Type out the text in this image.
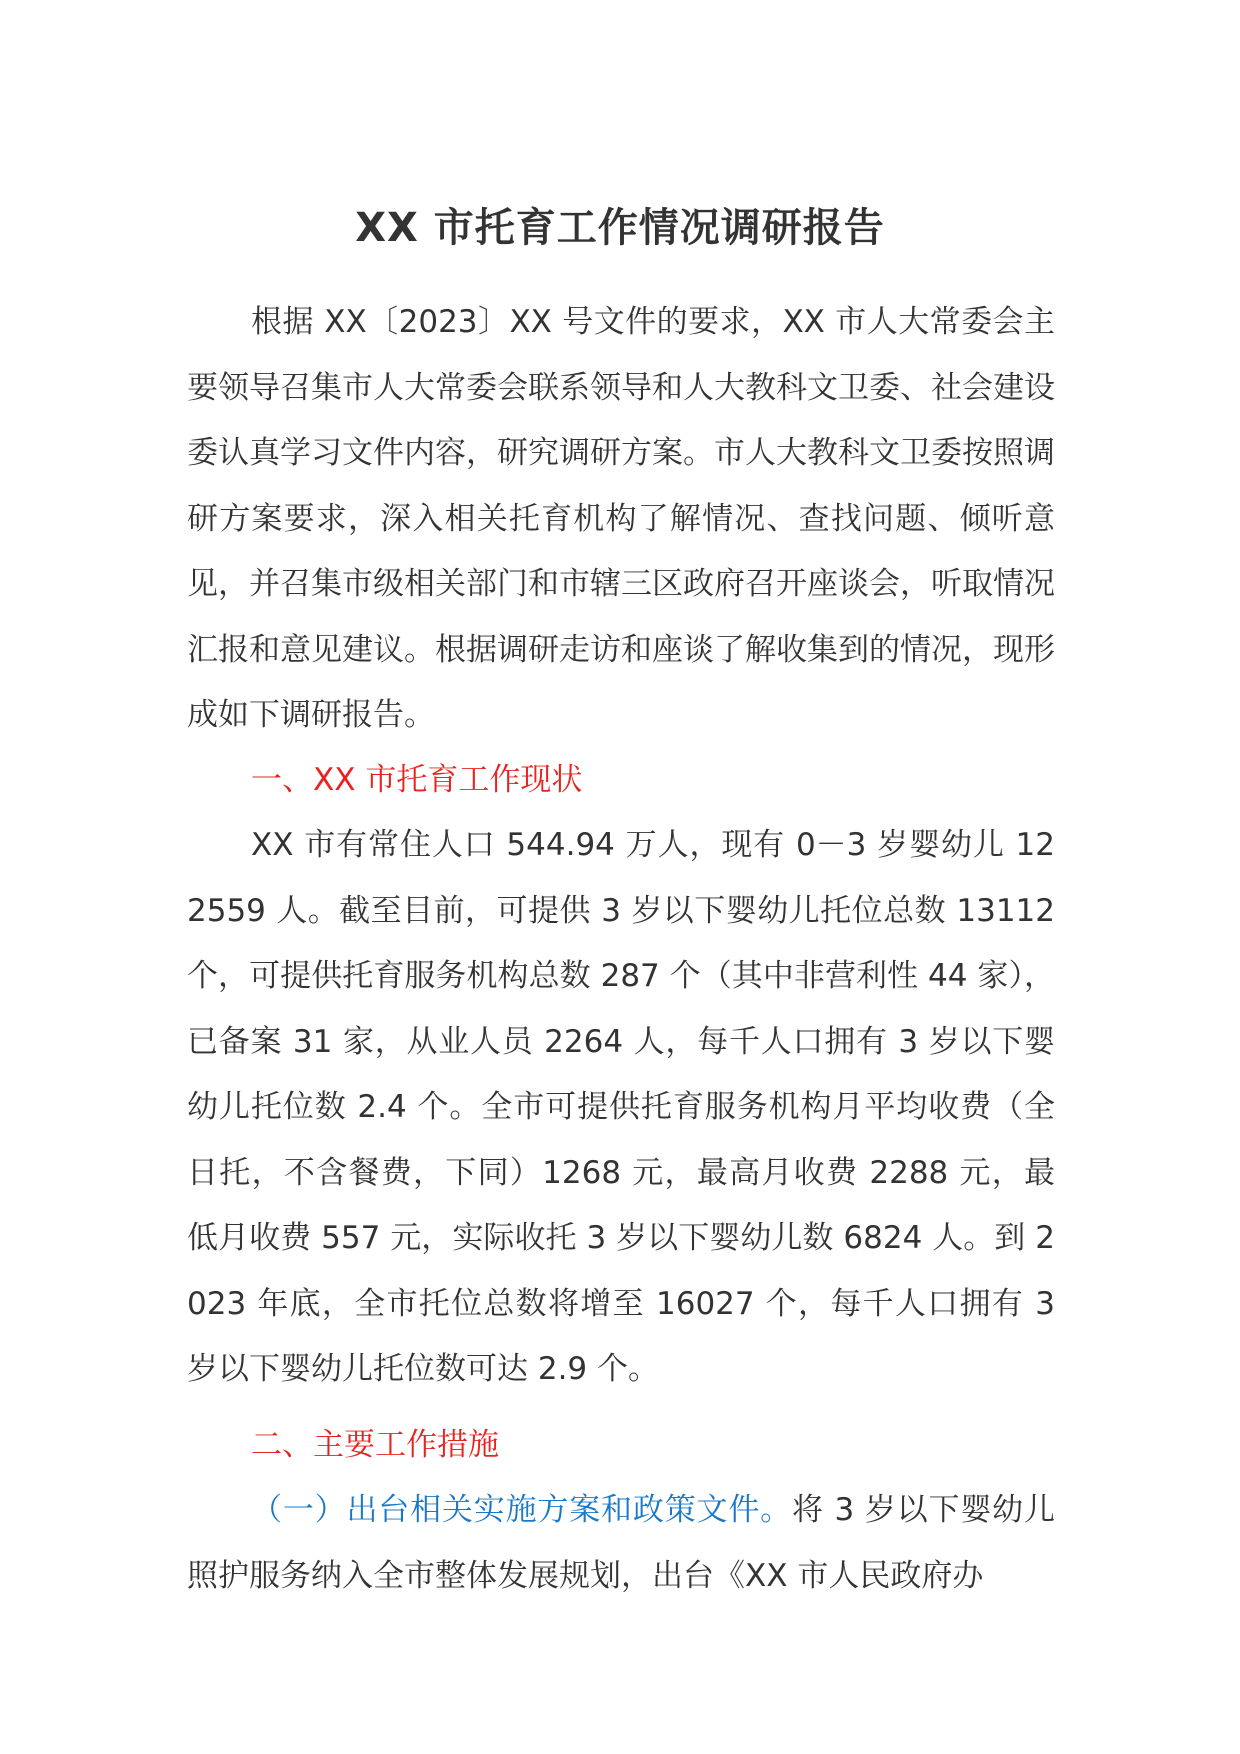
XX 市托育工作情况调研报告

根据 XX〔2023〕XX 号文件的要求，XX 市人大常委会主要领导召集市人大常委会联系领导和人大教科文卫委、社会建设委认真学习文件内容，研究调研方案。市人大教科文卫委按照调研方案要求，深入相关托育机构了解情况、查找问题、倾听意见，并召集市级相关部门和市辖三区政府召开座谈会，听取情况汇报和意见建议。根据调研走访和座谈了解收集到的情况，现形成如下调研报告。

一、XX 市托育工作现状

XX 市有常住人口 544.94 万人，现有 0－3 岁婴幼儿 122559 人。截至目前，可提供 3 岁以下婴幼儿托位总数 13112 个，可提供托育服务机构总数 287 个（其中非营利性 44 家），已备案 31 家，从业人员 2264 人，每千人口拥有 3 岁以下婴幼儿托位数 2.4 个。全市可提供托育服务机构月平均收费（全日托，不含餐费，下同）1268 元，最高月收费 2288 元，最低月收费 557 元，实际收托 3 岁以下婴幼儿数 6824 人。到 2023 年底，全市托位总数将增至 16027 个，每千人口拥有 3 岁以下婴幼儿托位数可达 2.9 个。

二、主要工作措施

（一）出台相关实施方案和政策文件。将 3 岁以下婴幼儿照护服务纳入全市整体发展规划，出台《XX 市人民政府办
